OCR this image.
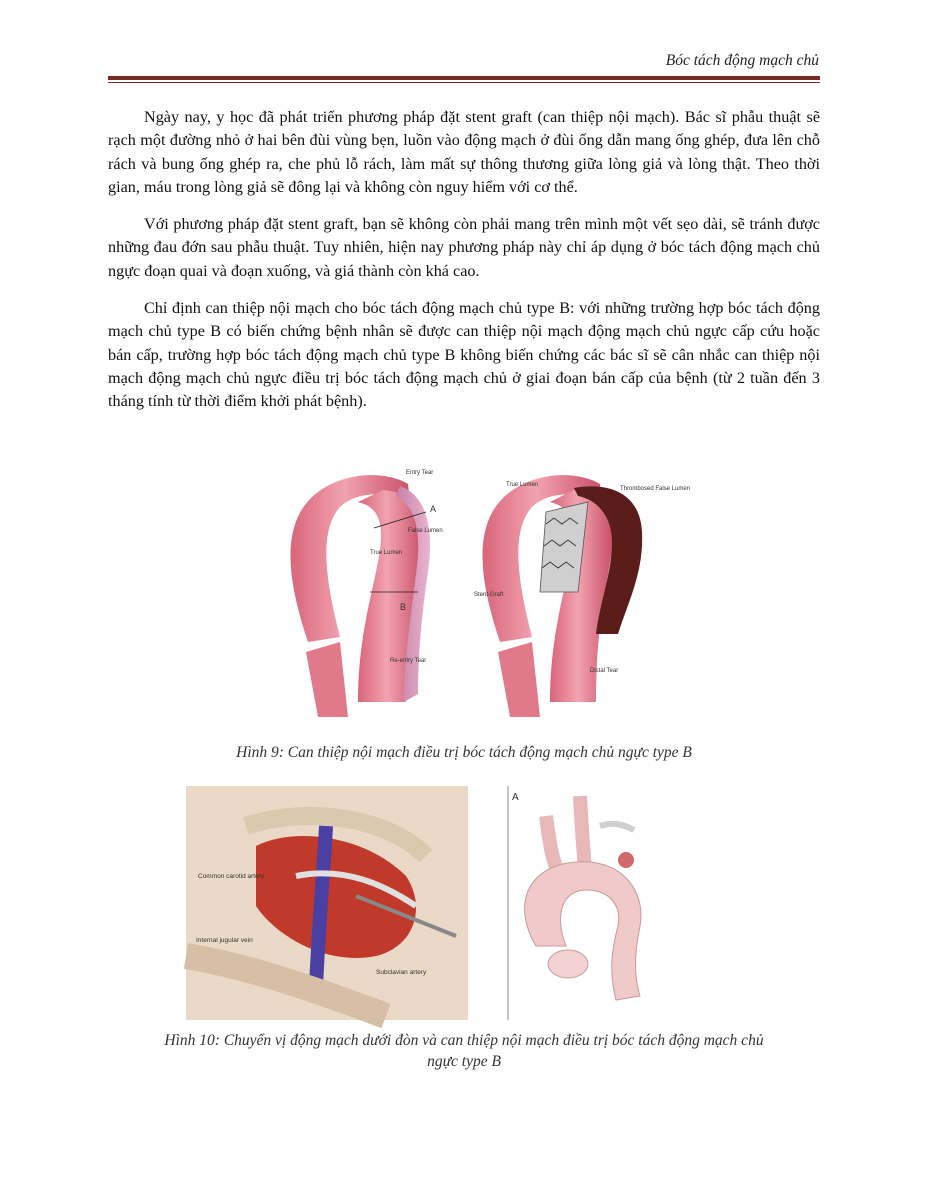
Bóc tách động mạch chủ

Ngày nay, y học đã phát triển phương pháp đặt stent graft (can thiệp nội mạch). Bác sĩ phẫu thuật sẽ rạch một đường nhỏ ở hai bên đùi vùng bẹn, luồn vào động mạch ở đùi ống dẫn mang ống ghép, đưa lên chỗ rách và bung ống ghép ra, che phủ lỗ rách, làm mất sự thông thương giữa lòng giả và lòng thật. Theo thời gian, máu trong lòng giả sẽ đông lại và không còn nguy hiểm với cơ thể.

Với phương pháp đặt stent graft, bạn sẽ không còn phải mang trên mình một vết sẹo dài, sẽ tránh được những đau đớn sau phẫu thuật. Tuy nhiên, hiện nay phương pháp này chỉ áp dụng ở bóc tách động mạch chủ ngực đoạn quai và đoạn xuống, và giá thành còn khá cao.

Chỉ định can thiệp nội mạch cho bóc tách động mạch chủ type B: với những trường hợp bóc tách động mạch chủ type B có biến chứng bệnh nhân sẽ được can thiệp nội mạch động mạch chủ ngực cấp cứu hoặc bán cấp, trường hợp bóc tách động mạch chủ type B không biến chứng các bác sĩ sẽ cân nhắc can thiệp nội mạch động mạch chủ ngực điều trị bóc tách động mạch chủ ở giai đoạn bán cấp của bệnh (từ 2 tuần đến 3 tháng tính từ thời điểm khởi phát bệnh).

Entry Tear
A
False Lumen
True Lumen
B
Re-entry Tear
True Lumen
Thrombosed False Lumen
Stent-Graft
Distal Tear
Hình 9: Can thiệp nội mạch điều trị bóc tách động mạch chủ ngực type B
Common carotid artery
Internal jugular vein
Subclavian artery
A
Hình 10: Chuyển vị động mạch dưới đòn và can thiệp nội mạch điều trị bóc tách động mạch chủ
ngực type B
